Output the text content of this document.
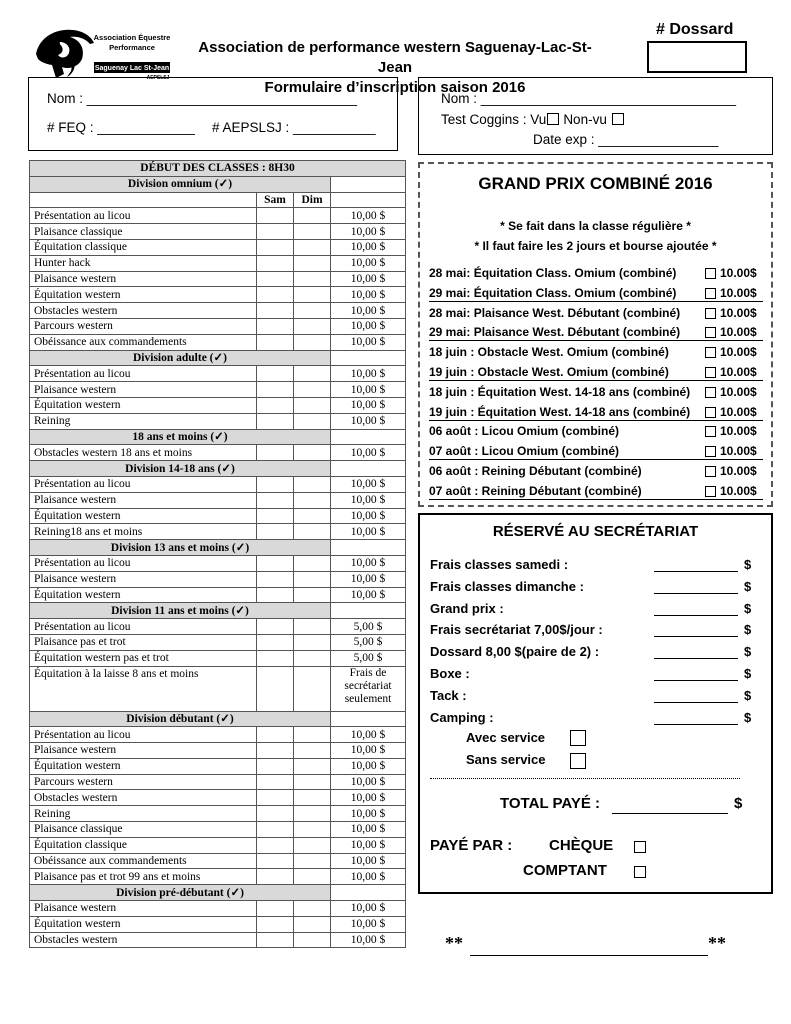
Association Équestre
Performance
Saguenay Lac St-Jean
AEPSLSJ
Association de performance western Saguenay-Lac-St-Jean
Formulaire d’inscription saison 2016
# Dossard
Nom : ____________________________________
# FEQ : _____________ # AEPSLSJ : ___________
Nom : __________________________________
Test Coggins : Vu Non-vu
Date exp : ________________
DÉBUT DES CLASSES : 8H30			
Division omnium (✓)			
	Sam	Dim	
Présentation au licou			10,00 $
Plaisance classique			10,00 $
Équitation classique			10,00 $
Hunter hack			10,00 $
Plaisance western			10,00 $
Équitation western			10,00 $
Obstacles western			10,00 $
Parcours western			10,00 $
Obéissance aux commandements			10,00 $
Division adulte (✓)			
Présentation au licou			10,00 $
Plaisance western			10,00 $
Équitation western			10,00 $
Reining			10,00 $
18 ans et moins (✓)			
Obstacles western 18 ans et moins			10,00 $
Division 14-18 ans (✓)			
Présentation au licou			10,00 $
Plaisance western			10,00 $
Équitation western			10,00 $
Reining18 ans et moins			10,00 $
Division 13 ans et moins (✓)			
Présentation au licou			10,00 $
Plaisance western			10,00 $
Équitation western			10,00 $
Division 11 ans et moins (✓)			
Présentation au licou			5,00 $
Plaisance pas et trot			5,00 $
Équitation western pas et trot			5,00 $
Équitation à la laisse 8 ans et moins			Frais de secrétariat seulement
Division débutant (✓)			
Présentation au licou			10,00 $
Plaisance western			10,00 $
Équitation western			10,00 $
Parcours western			10,00 $
Obstacles western			10,00 $
Reining			10,00 $
Plaisance classique			10,00 $
Équitation classique			10,00 $
Obéissance aux commandements			10,00 $
Plaisance pas et trot 99 ans et moins			10,00 $
Division pré-débutant (✓)			
Plaisance western			10,00 $
Équitation western			10,00 $
Obstacles western			10,00 $
GRAND PRIX COMBINÉ 2016
* Se fait dans la classe régulière *
* Il faut faire les 2 jours et bourse ajoutée *
28 mai: Équitation Class. Omium (combiné)	10.00$
29 mai: Équitation Class. Omium (combiné)	10.00$
28 mai: Plaisance West. Débutant (combiné)	10.00$
29 mai: Plaisance West. Débutant (combiné)	10.00$
18 juin : Obstacle West. Omium (combiné)	10.00$
19 juin : Obstacle West. Omium (combiné)	10.00$
18 juin : Équitation West. 14-18 ans (combiné) 10.00$
19 juin : Équitation West. 14-18 ans (combiné) 10.00$
06 août : Licou Omium (combiné)	10.00$
07 août : Licou Omium (combiné)	10.00$
06 août : Reining Débutant (combiné)	10.00$
07 août : Reining Débutant (combiné)	10.00$
RÉSERVÉ AU SECRÉTARIAT
Frais classes samedi :	$
Frais classes dimanche :	$
Grand prix :	$
Frais secrétariat 7,00$/jour :	$
Dossard 8,00 $(paire de 2) :	$
Boxe :	$
Tack :	$
Camping :	$
Avec service
Sans service
TOTAL PAYÉ :	$
PAYÉ PAR : CHÈQUE
COMPTANT
**	**
